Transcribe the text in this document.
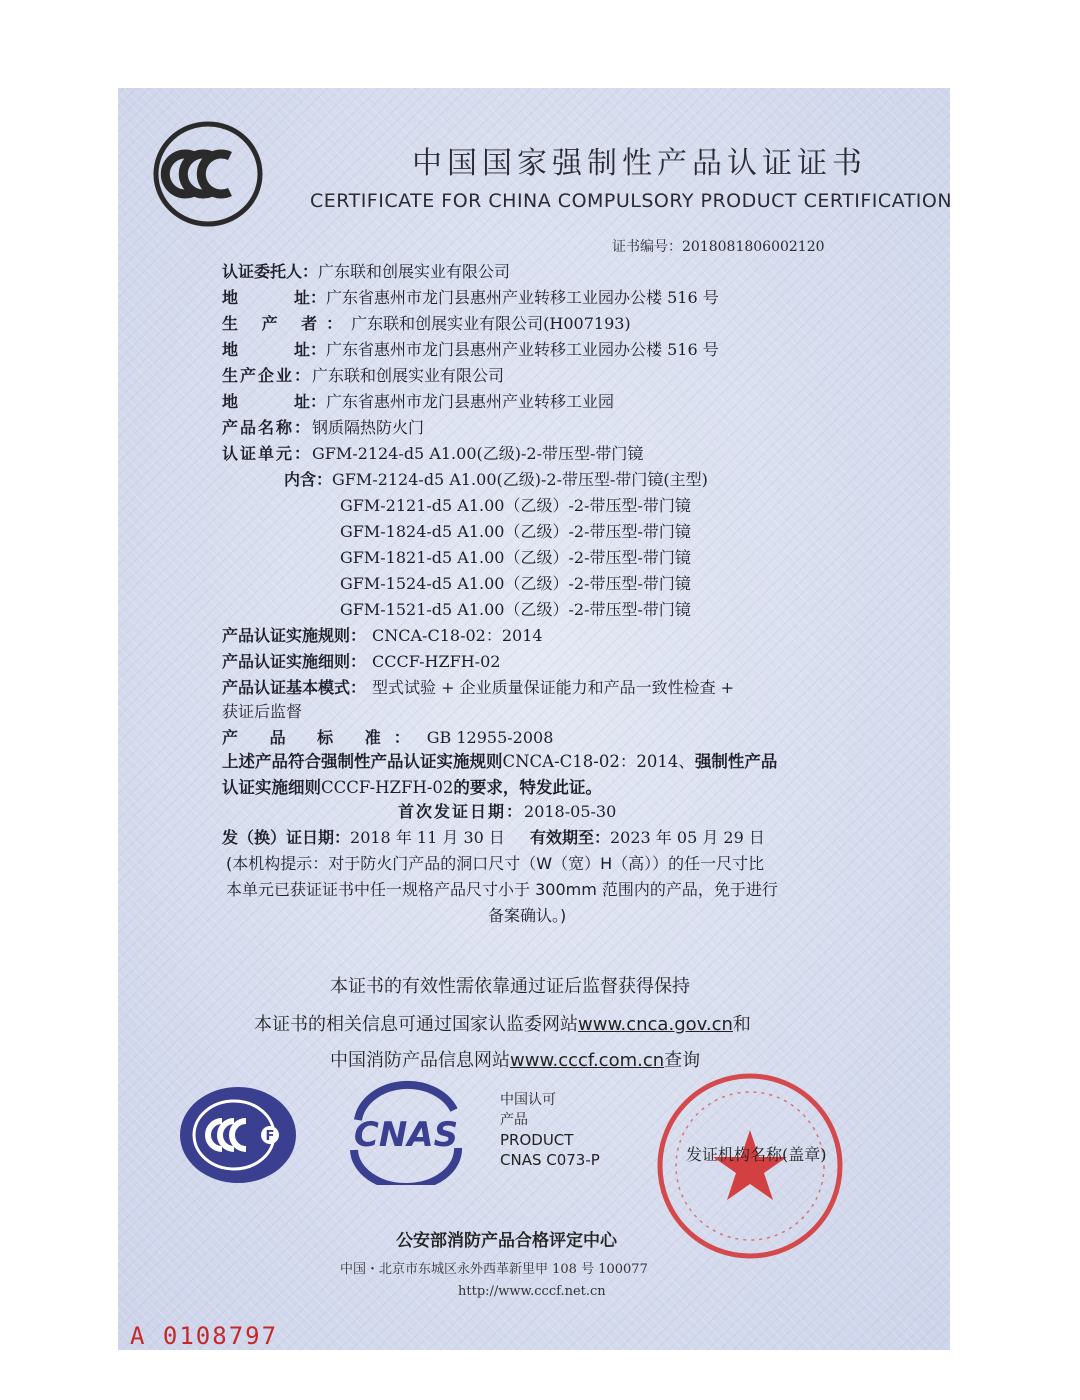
中国国家强制性产品认证证书
CERTIFICATE FOR CHINA COMPULSORY PRODUCT CERTIFICATION
证书编号：2018081806002120
认证委托人：广东联和创展实业有限公司
地	址：广东省惠州市龙门县惠州产业转移工业园办公楼 516 号
生 产 者：广东联和创展实业有限公司(H007193)
地	址：广东省惠州市龙门县惠州产业转移工业园办公楼 516 号
生产企业：广东联和创展实业有限公司
地	址：广东省惠州市龙门县惠州产业转移工业园
产品名称：钢质隔热防火门
认证单元：GFM-2124-d5 A1.00(乙级)-2-带压型-带门镜
内含：GFM-2124-d5 A1.00(乙级)-2-带压型-带门镜(主型)
GFM-2121-d5 A1.00（乙级）-2-带压型-带门镜
GFM-1824-d5 A1.00（乙级）-2-带压型-带门镜
GFM-1821-d5 A1.00（乙级）-2-带压型-带门镜
GFM-1524-d5 A1.00（乙级）-2-带压型-带门镜
GFM-1521-d5 A1.00（乙级）-2-带压型-带门镜
产品认证实施规则： CNCA-C18-02：2014
产品认证实施细则： CCCF-HZFH-02
产品认证基本模式： 型式试验 + 企业质量保证能力和产品一致性检查 +
获证后监督
产 品 标 准： GB 12955-2008
上述产品符合强制性产品认证实施规则CNCA-C18-02：2014、强制性产品
认证实施细则CCCF-HZFH-02的要求，特发此证。
首次发证日期：2018-05-30
发（换）证日期：2018 年 11 月 30 日 有效期至：2023 年 05 月 29 日
(本机构提示：对于防火门产品的洞口尺寸（W（宽）H（高））的任一尺寸比
本单元已获证证书中任一规格产品尺寸小于 300mm 范围内的产品，免于进行
备案确认。)
本证书的有效性需依靠通过证后监督获得保持
本证书的相关信息可通过国家认监委网站www.cnca.gov.cn和
中国消防产品信息网站www.cccf.com.cn查询
F CNAS
中国认可
产品
PRODUCT
CNAS C073-P	发证机构名称(盖章)
公安部消防产品合格评定中心
中国・北京市东城区永外西革新里甲 108 号 100077
http://www.cccf.net.cn
A 0108797
